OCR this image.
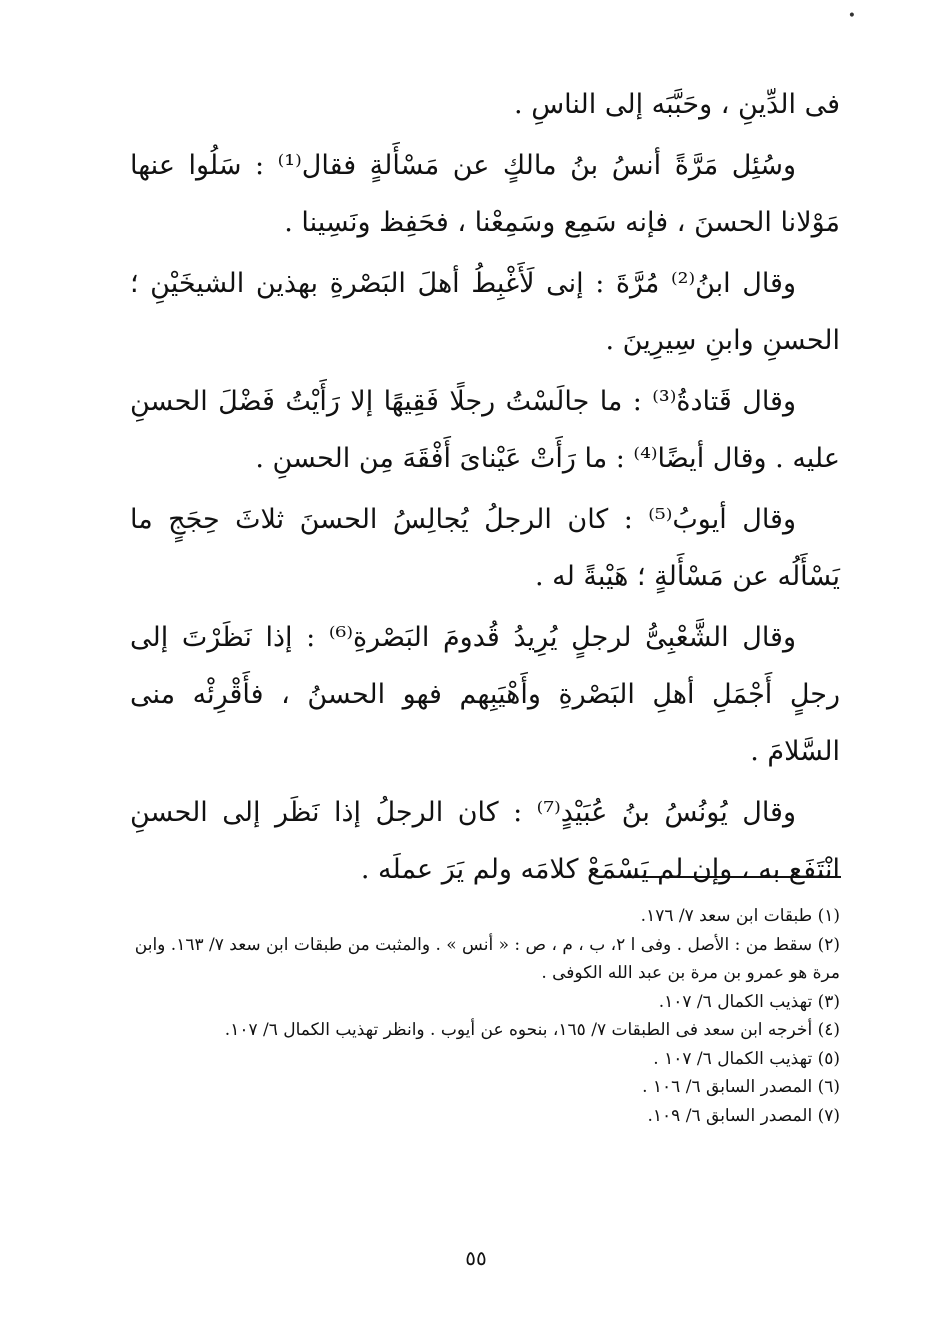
•

فى الدِّينِ ، وحَبَّبَه إلى الناسِ .

وسُئِل مَرَّةً أنسُ بنُ مالكٍ عن مَسْأَلةٍ فقال⁽¹⁾ : سَلُوا عنها مَوْلانا الحسنَ ، فإنه سَمِع وسَمِعْنا ، فحَفِظ ونَسِينا .

وقال ابنُ⁽²⁾ مُرَّةَ : إنى لَأَغْبِطُ أهلَ البَصْرةِ بهذين الشيخَيْنِ ؛ الحسنِ وابنِ سِيرِينَ .

وقال قَتادةُ⁽³⁾ : ما جالَسْتُ رجلًا فَقِيهًا إلا رَأَيْتُ فَضْلَ الحسنِ عليه . وقال أيضًا⁽⁴⁾ : ما رَأَتْ عَيْناىَ أَفْقَهَ مِن الحسنِ .

وقال أيوبُ⁽⁵⁾ : كان الرجلُ يُجالِسُ الحسنَ ثلاثَ حِجَجٍ ما يَسْأَلُه عن مَسْأَلةٍ ؛ هَيْبةً له .

وقال الشَّعْبِىُّ لرجلٍ يُرِيدُ قُدومَ البَصْرةِ⁽⁶⁾ : إذا نَظَرْتَ إلى رجلٍ أَجْمَلِ أهلِ البَصْرةِ وأَهْيَبِهم فهو الحسنُ ، فأَقْرِئْه منى السَّلامَ .

وقال يُونُسُ بنُ عُبَيْدٍ⁽⁷⁾ : كان الرجلُ إذا نَظَر إلى الحسنِ انْتَفَع به ، وإن لم يَسْمَعْ كلامَه ولم يَرَ عملَه .

(١) طبقات ابن سعد ٧/ ١٧٦.

(٢) سقط من : الأصل . وفى ا ٢، ب ، م ، ص : « أنس » . والمثبت من طبقات ابن سعد ٧/ ١٦٣. وابن مرة هو عمرو بن مرة بن عبد الله الكوفى .

(٣) تهذيب الكمال ٦/ ١٠٧.

(٤) أخرجه ابن سعد فى الطبقات ٧/ ١٦٥، بنحوه عن أيوب . وانظر تهذيب الكمال ٦/ ١٠٧.

(٥) تهذيب الكمال ٦/ ١٠٧ .

(٦) المصدر السابق ٦/ ١٠٦ .

(٧) المصدر السابق ٦/ ١٠٩.

٥٥
